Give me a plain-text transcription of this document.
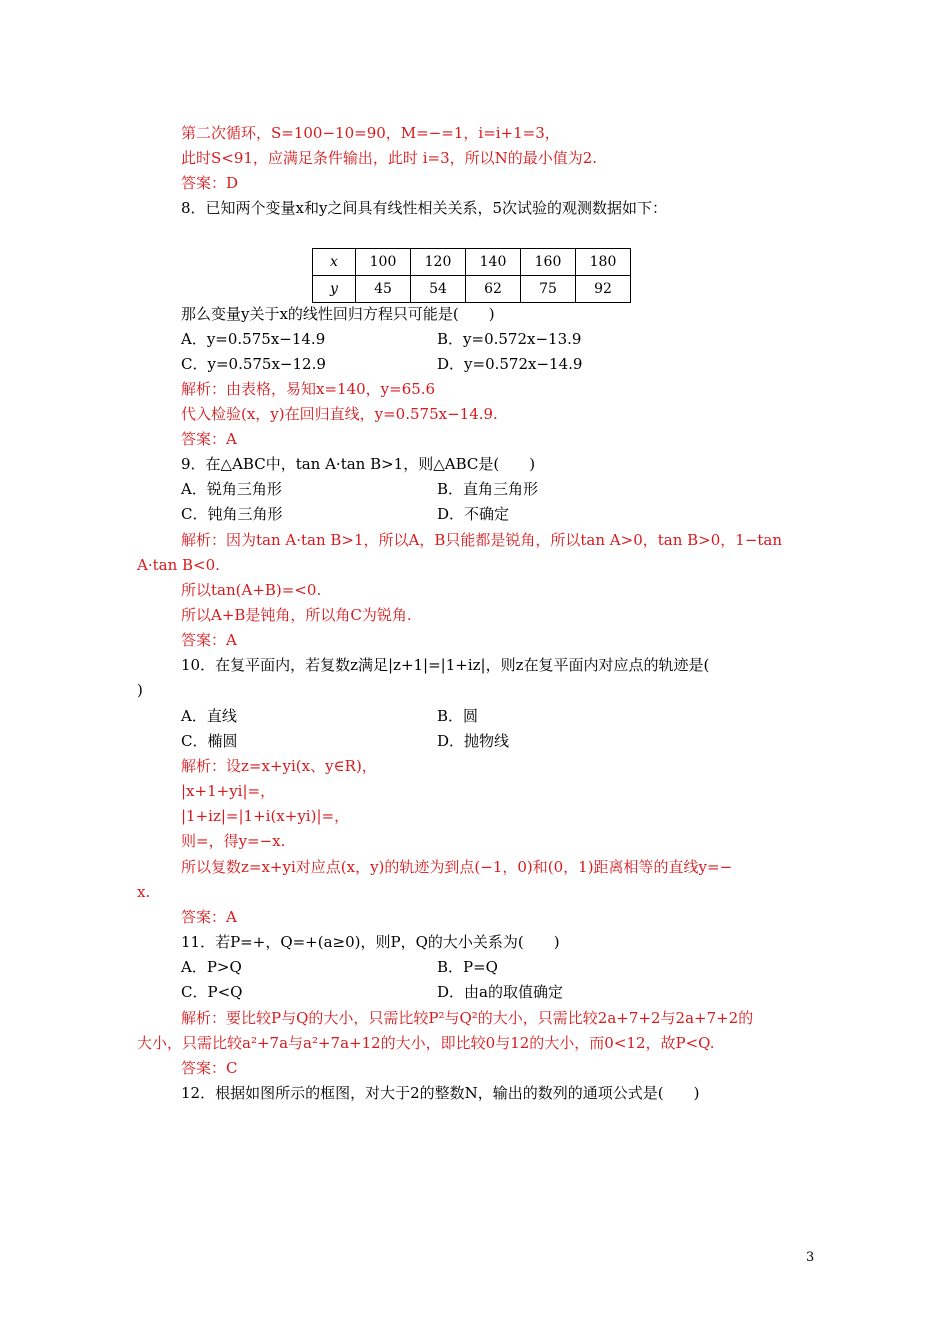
第二次循环，S=100−10=90，M=−=1，i=i+1=3，
此时S<91，应满足条件输出，此时 i=3，所以N的最小值为2.
答案：D
8．已知两个变量x和y之间具有线性相关关系，5次试验的观测数据如下：
x	100	120	140	160	180
y	45	54	62	75	92
那么变量y关于x的线性回归方程只可能是(　　)
A．y=0.575x−14.9	B．y=0.572x−13.9
C．y=0.575x−12.9	D．y=0.572x−14.9
解析：由表格，易知x=140，y=65.6
代入检验(x，y)在回归直线，y=0.575x−14.9.
答案：A
9．在△ABC中，tan A·tan B>1，则△ABC是(　　)
A．锐角三角形	B．直角三角形
C．钝角三角形	D．不确定
解析：因为tan A·tan B>1，所以A，B只能都是锐角，所以tan A>0，tan B>0，1−tan
A·tan B<0.
所以tan(A+B)=<0.
所以A+B是钝角，所以角C为锐角.
答案：A
10．在复平面内，若复数z满足|z+1|=|1+iz|，则z在复平面内对应点的轨迹是(
)
A．直线	B．圆
C．椭圆	D．抛物线
解析：设z=x+yi(x、y∈R)，
|x+1+yi|=，
|1+iz|=|1+i(x+yi)|=，
则=，得y=−x.
所以复数z=x+yi对应点(x，y)的轨迹为到点(−1，0)和(0，1)距离相等的直线y=−
x.
答案：A
11．若P=+，Q=+(a≥0)，则P，Q的大小关系为(　　)
A．P>Q	B．P=Q
C．P<Q	D．由a的取值确定
解析：要比较P与Q的大小，只需比较P²与Q²的大小，只需比较2a+7+2与2a+7+2的
大小，只需比较a²+7a与a²+7a+12的大小，即比较0与12的大小，而0<12，故P<Q.
答案：C
12．根据如图所示的框图，对大于2的整数N，输出的数列的通项公式是(　　)
3
